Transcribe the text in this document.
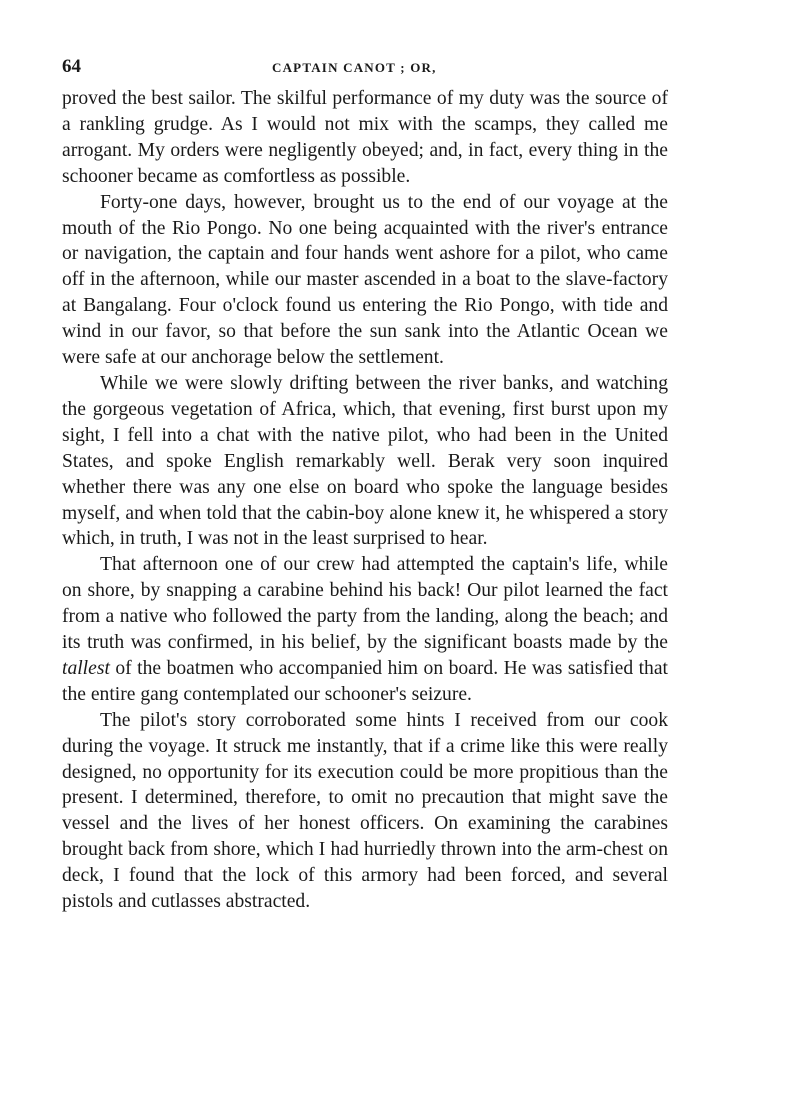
64	CAPTAIN CANOT ; OR,

proved the best sailor. The skilful performance of my duty was the source of a rankling grudge. As I would not mix with the scamps, they called me arrogant. My orders were negligently obeyed; and, in fact, every thing in the schooner became as comfortless as possible.

Forty-one days, however, brought us to the end of our voyage at the mouth of the Rio Pongo. No one being acquainted with the river's entrance or navigation, the captain and four hands went ashore for a pilot, who came off in the afternoon, while our master ascended in a boat to the slave-factory at Bangalang. Four o'clock found us entering the Rio Pongo, with tide and wind in our favor, so that before the sun sank into the Atlantic Ocean we were safe at our anchorage below the settlement.

While we were slowly drifting between the river banks, and watching the gorgeous vegetation of Africa, which, that evening, first burst upon my sight, I fell into a chat with the native pilot, who had been in the United States, and spoke English remarkably well. Berak very soon inquired whether there was any one else on board who spoke the language besides myself, and when told that the cabin-boy alone knew it, he whispered a story which, in truth, I was not in the least surprised to hear.

That afternoon one of our crew had attempted the captain's life, while on shore, by snapping a carabine behind his back! Our pilot learned the fact from a native who followed the party from the landing, along the beach; and its truth was confirmed, in his belief, by the significant boasts made by the tallest of the boatmen who accompanied him on board. He was satisfied that the entire gang contemplated our schooner's seizure.

The pilot's story corroborated some hints I received from our cook during the voyage. It struck me instantly, that if a crime like this were really designed, no opportunity for its execution could be more propitious than the present. I determined, therefore, to omit no precaution that might save the vessel and the lives of her honest officers. On examining the carabines brought back from shore, which I had hurriedly thrown into the arm-chest on deck, I found that the lock of this armory had been forced, and several pistols and cutlasses abstracted.
